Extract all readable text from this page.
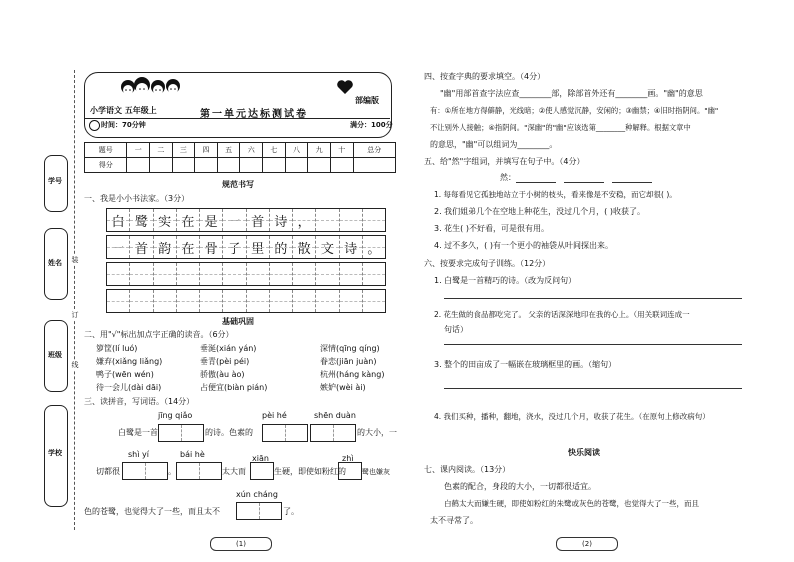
学号
姓名
班级
学校
装
订
线
小学语文 五年级上	第一单元达标测试卷
部编版
时间：70分钟	满分：100分
题号	一	二	三	四	五	六	七	八	九	十	总分
得分											
规范书写
一、我是小小书法家。（3分）
白 鹭 实 在 是 一 首 诗 ，
一 首 韵 在 骨 子 里 的 散 文 诗 。
基础巩固
二、用"√"标出加点字正确的读音。（6分）
箩筐(lí luó)	垂涎(xián yán)	深情(qīng qíng)
嫌弃(xiǎng liǎng)	垂青(pèi péi)	眷恋(jiān juàn)
鸭子(wēn wén)	骄傲(àu ào)	杭州(háng kàng)
待一会儿(dài dāi)	占便宜(biàn pián)	嫉妒(wèi ài)
三、读拼音，写词语。（14分）
jīng qiǎo	pèi hé	shēn duàn
白鹭是一首	的诗。色素的	的大小，一
shì yí	bái hè	xiān	zhì
切都很	。	太大而	生硬，即使如粉红的 鹭也嫌灰
xún cháng
色的苍鹭，也觉得大了一些，而且太不	了。
(1)
四、按查字典的要求填空。（4分）
"幽"用部首查字法应查________部，除部首外还有________画。"幽"的意思
有：①所在地方得僻静，光线暗；②使人感觉沉静，安闲的；③幽禁；④旧时指阴间。"幽"
不让别外人接触；④指阴间。"深幽"的"幽"应该选第________种解释。根据文章中
的意思，"幽"可以组词为________。
五、给"然"字组词，并填写在句子中。（4分）
然：
1. 每每看见它孤独地站立于小树的枝头，看来像是不安稳，而它却很( )。
2. 我们姐弟几个在空地上种花生，没过几个月，( )收获了。
3. 花生( )不好看，可是很有用。
4. 过不多久，( )有一个更小的袖袋从叶间探出来。
六、按要求完成句子训练。（12分）
1. 白鹭是一首精巧的诗。（改为反问句）
2. 花生做的食品都吃完了。 父亲的话深深地印在我的心上。（用关联词连成一
句话）
3. 整个的田亩成了一幅嵌在玻璃框里的画。（缩句）
4. 我们买种，播种，翻地，浇水，没过几个月，收获了花生。（在原句上修改病句）
快乐阅读
七、课内阅读。（13分）
色素的配合，身段的大小，一切都很适宜。
白鹤太大而嫌生硬，即使如粉红的朱鹭或灰色的苍鹭，也觉得大了一些，而且
太不寻常了。
(2)
